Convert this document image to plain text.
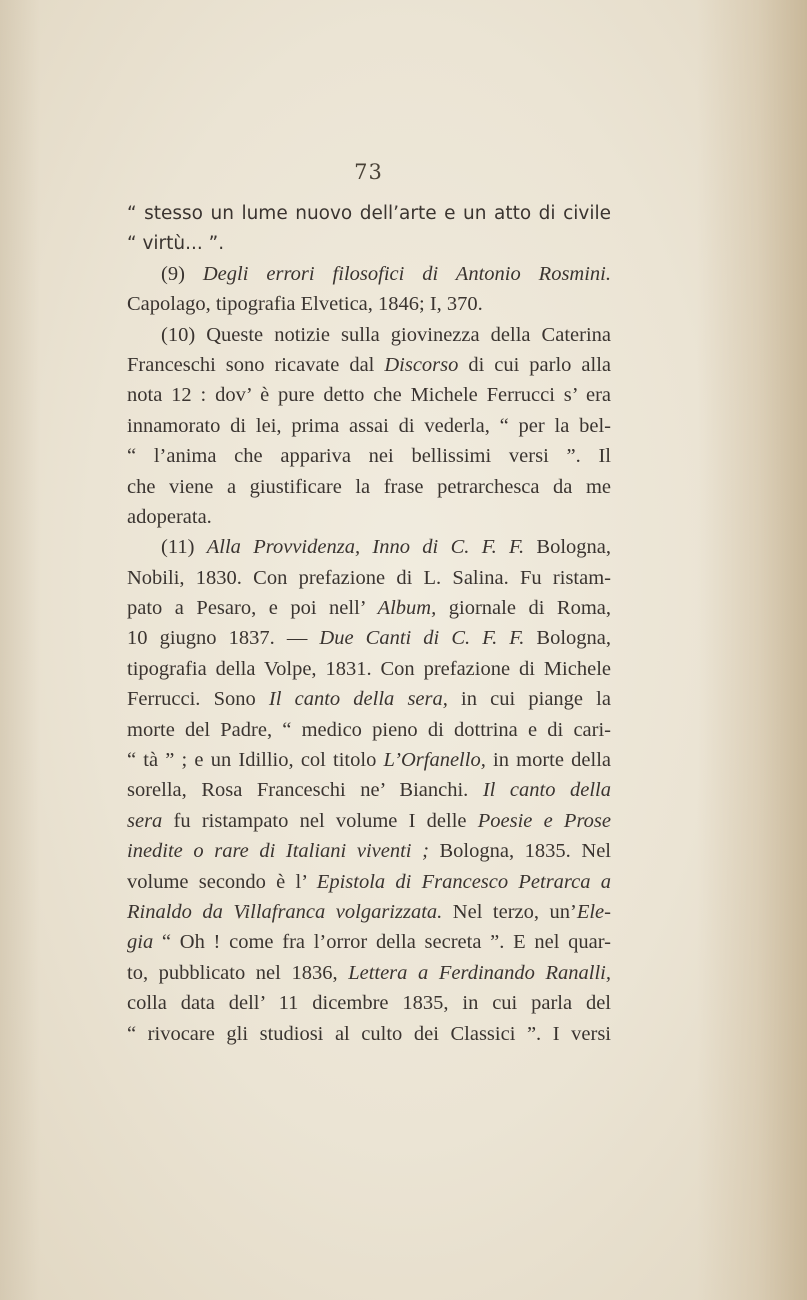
73
“ stesso un lume nuovo dell’arte e un atto di civile
“ virtù... ”.
(9) Degli errori filosofici di Antonio Rosmini.
Capolago, tipografia Elvetica, 1846; I, 370.
(10) Queste notizie sulla giovinezza della Caterina
Franceschi sono ricavate dal Discorso di cui parlo alla
nota 12 : dov’ è pure detto che Michele Ferrucci s’ era
innamorato di lei, prima assai di vederla, “ per la bel-
“ l’anima che appariva nei bellissimi versi ”. Il
che viene a giustificare la frase petrarchesca da me
adoperata.
(11) Alla Provvidenza, Inno di C. F. F. Bologna,
Nobili, 1830. Con prefazione di L. Salina. Fu ristam-
pato a Pesaro, e poi nell’ Album, giornale di Roma,
10 giugno 1837. — Due Canti di C. F. F. Bologna,
tipografia della Volpe, 1831. Con prefazione di Michele
Ferrucci. Sono Il canto della sera, in cui piange la
morte del Padre, “ medico pieno di dottrina e di cari-
“ tà ” ; e un Idillio, col titolo L’Orfanello, in morte della
sorella, Rosa Franceschi ne’ Bianchi. Il canto della
sera fu ristampato nel volume I delle Poesie e Prose
inedite o rare di Italiani viventi ; Bologna, 1835. Nel
volume secondo è l’ Epistola di Francesco Petrarca a
Rinaldo da Villafranca volgarizzata. Nel terzo, un’Ele-
gia “ Oh ! come fra l’orror della secreta ”. E nel quar-
to, pubblicato nel 1836, Lettera a Ferdinando Ranalli,
colla data dell’ 11 dicembre 1835, in cui parla del
“ rivocare gli studiosi al culto dei Classici ”. I versi
